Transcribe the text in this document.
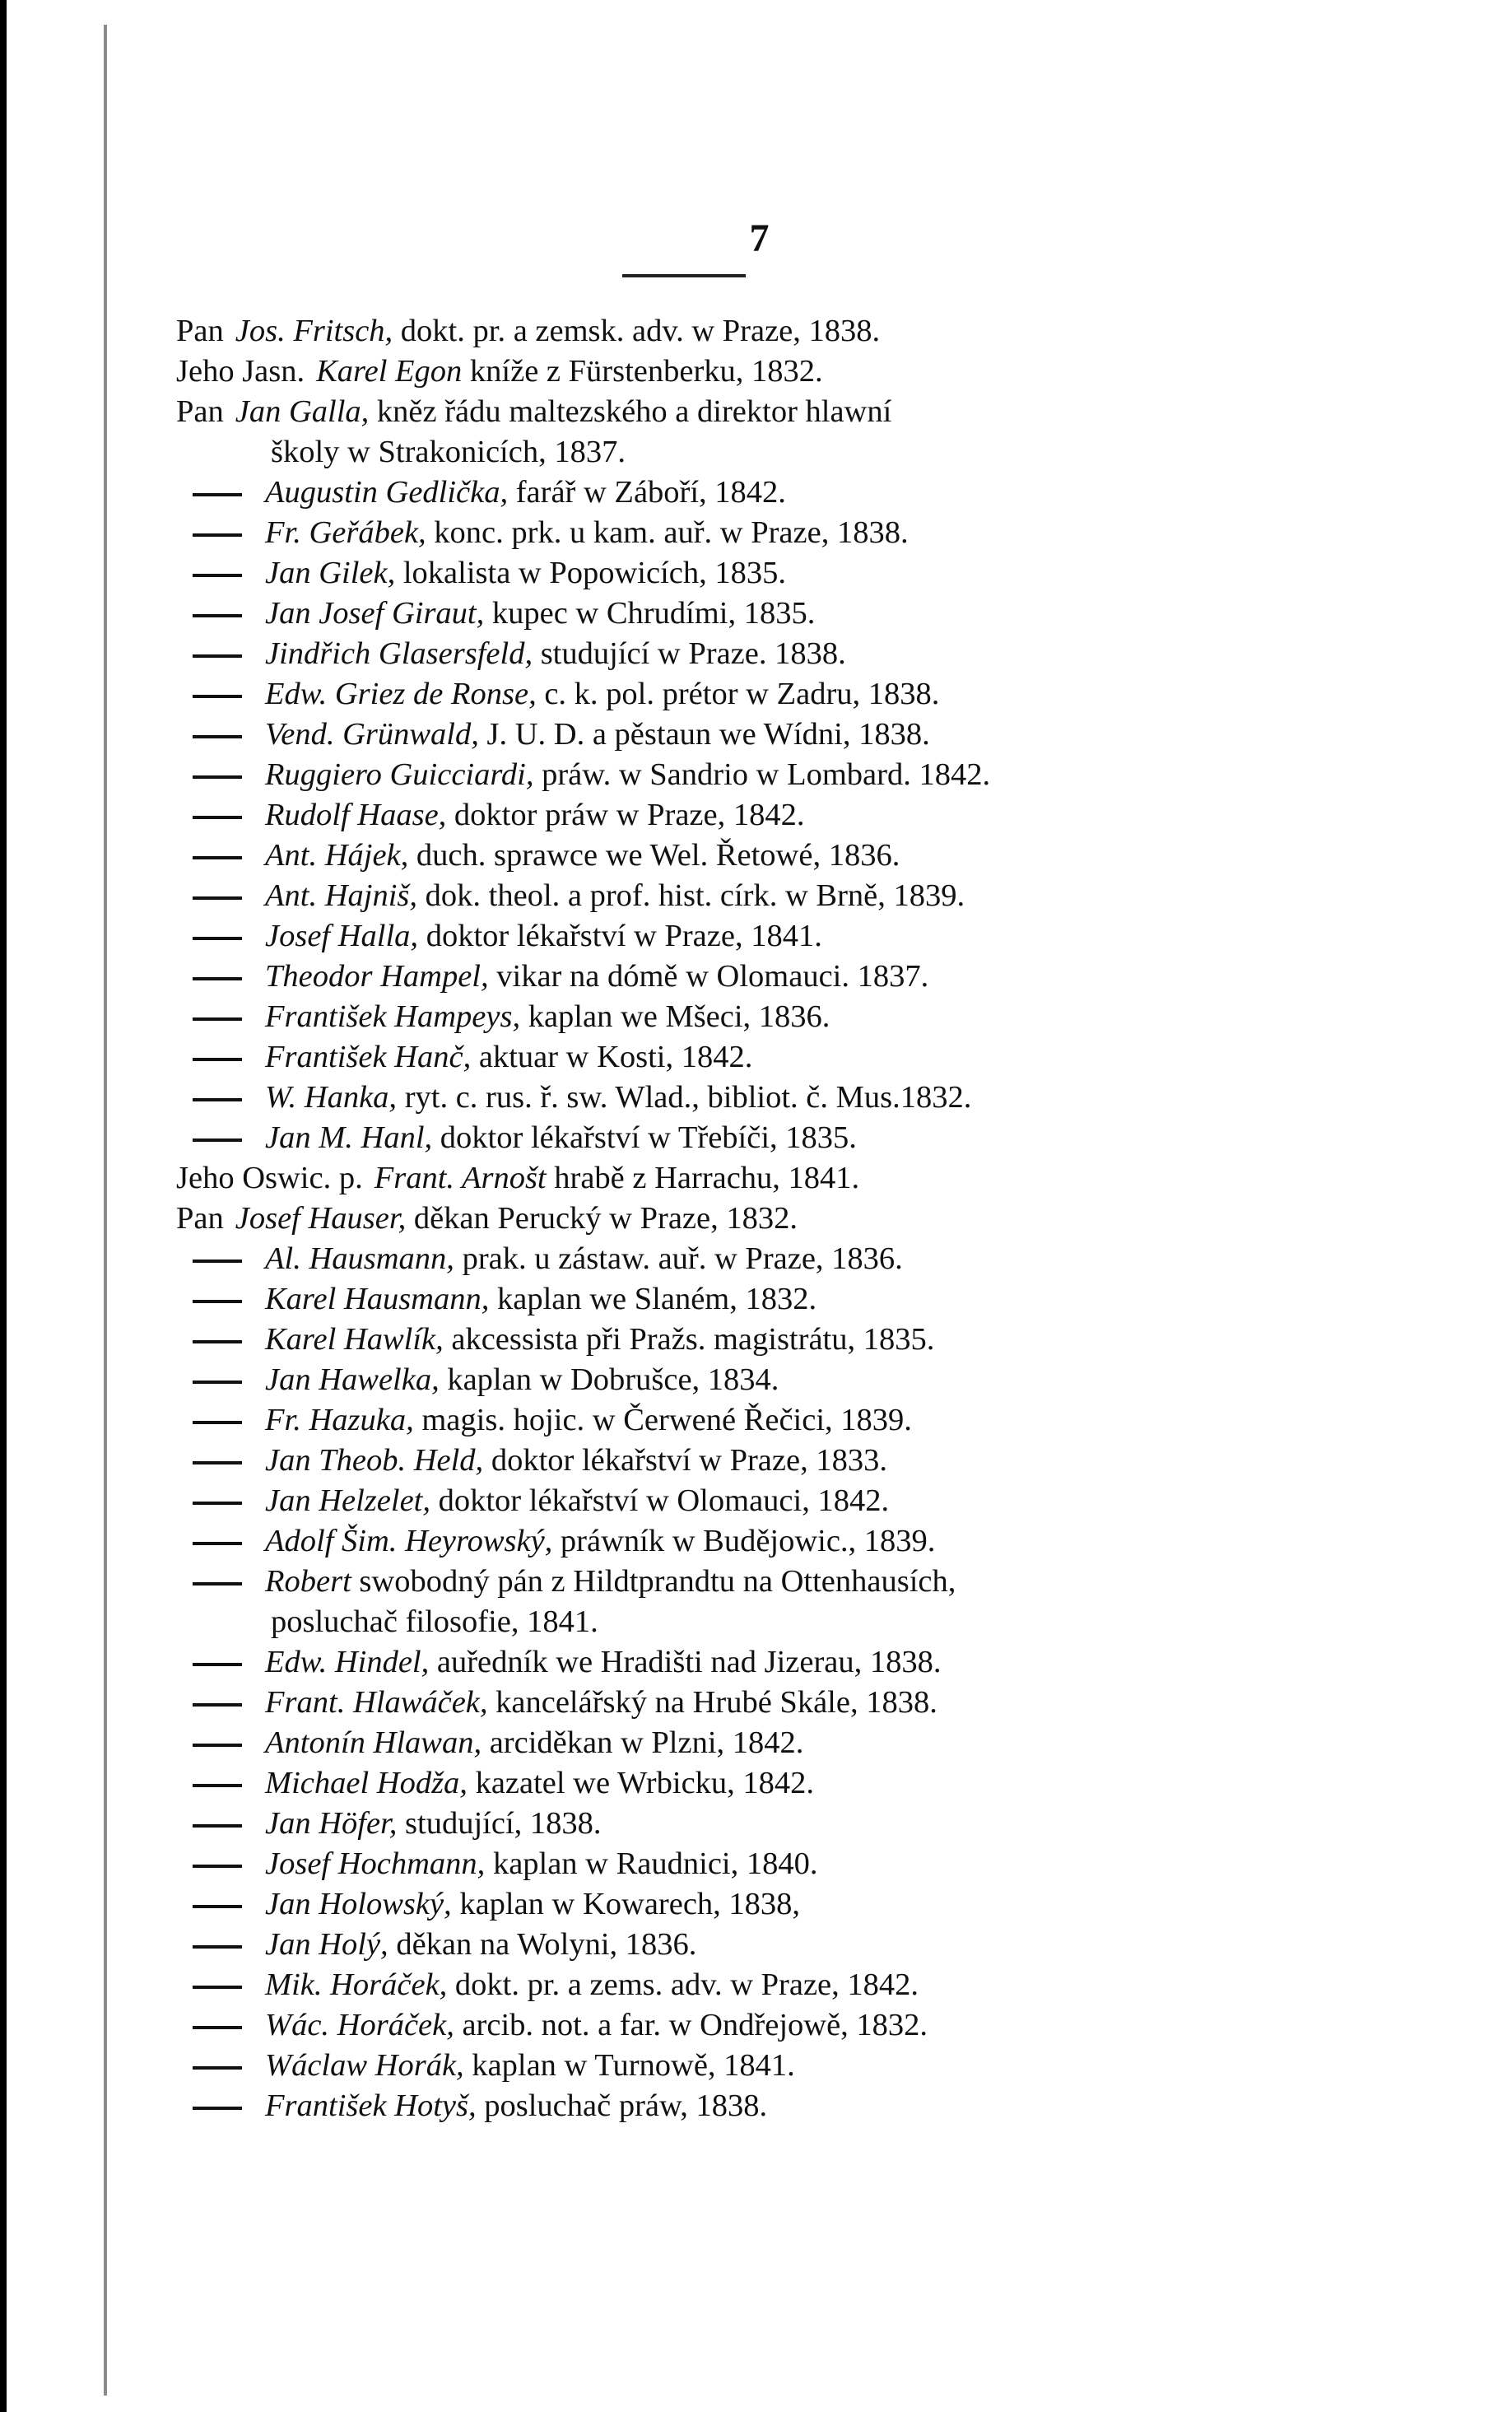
7
Pan Jos. Fritsch, dokt. pr. a zemsk. adv. w Praze, 1838.
Jeho Jasn. Karel Egon kníže z Fürstenberku, 1832.
Pan Jan Galla, kněz řádu maltezského a direktor hlawní
školy w Strakonicích, 1837.
Augustin Gedlička, farář w Záboří, 1842.
Fr. Geřábek, konc. prk. u kam. auř. w Praze, 1838.
Jan Gilek, lokalista w Popowicích, 1835.
Jan Josef Giraut, kupec w Chrudími, 1835.
Jindřich Glasersfeld, studující w Praze. 1838.
Edw. Griez de Ronse, c. k. pol. prétor w Zadru, 1838.
Vend. Grünwald, J. U. D. a pěstaun we Wídni, 1838.
Ruggiero Guicciardi, práw. w Sandrio w Lombard. 1842.
Rudolf Haase, doktor práw w Praze, 1842.
Ant. Hájek, duch. sprawce we Wel. Řetowé, 1836.
Ant. Hajniš, dok. theol. a prof. hist. círk. w Brně, 1839.
Josef Halla, doktor lékařství w Praze, 1841.
Theodor Hampel, vikar na dómě w Olomauci. 1837.
František Hampeys, kaplan we Mšeci, 1836.
František Hanč, aktuar w Kosti, 1842.
W. Hanka, ryt. c. rus. ř. sw. Wlad., bibliot. č. Mus.1832.
Jan M. Hanl, doktor lékařství w Třebíči, 1835.
Jeho Oswic. p. Frant. Arnošt hrabě z Harrachu, 1841.
Pan Josef Hauser, děkan Perucký w Praze, 1832.
Al. Hausmann, prak. u zástaw. auř. w Praze, 1836.
Karel Hausmann, kaplan we Slaném, 1832.
Karel Hawlík, akcessista při Pražs. magistrátu, 1835.
Jan Hawelka, kaplan w Dobrušce, 1834.
Fr. Hazuka, magis. hojic. w Čerwené Řečici, 1839.
Jan Theob. Held, doktor lékařství w Praze, 1833.
Jan Helzelet, doktor lékařství w Olomauci, 1842.
Adolf Šim. Heyrowský, práwník w Budějowic., 1839.
Robert swobodný pán z Hildtprandtu na Ottenhausích,
posluchač filosofie, 1841.
Edw. Hindel, auředník we Hradišti nad Jizerau, 1838.
Frant. Hlawáček, kancelářský na Hrubé Skále, 1838.
Antonín Hlawan, arciděkan w Plzni, 1842.
Michael Hodža, kazatel we Wrbicku, 1842.
Jan Höfer, studující, 1838.
Josef Hochmann, kaplan w Raudnici, 1840.
Jan Holowský, kaplan w Kowarech, 1838,
Jan Holý, děkan na Wolyni, 1836.
Mik. Horáček, dokt. pr. a zems. adv. w Praze, 1842.
Wác. Horáček, arcib. not. a far. w Ondřejowě, 1832.
Wáclaw Horák, kaplan w Turnowě, 1841.
František Hotyš, posluchač práw, 1838.
